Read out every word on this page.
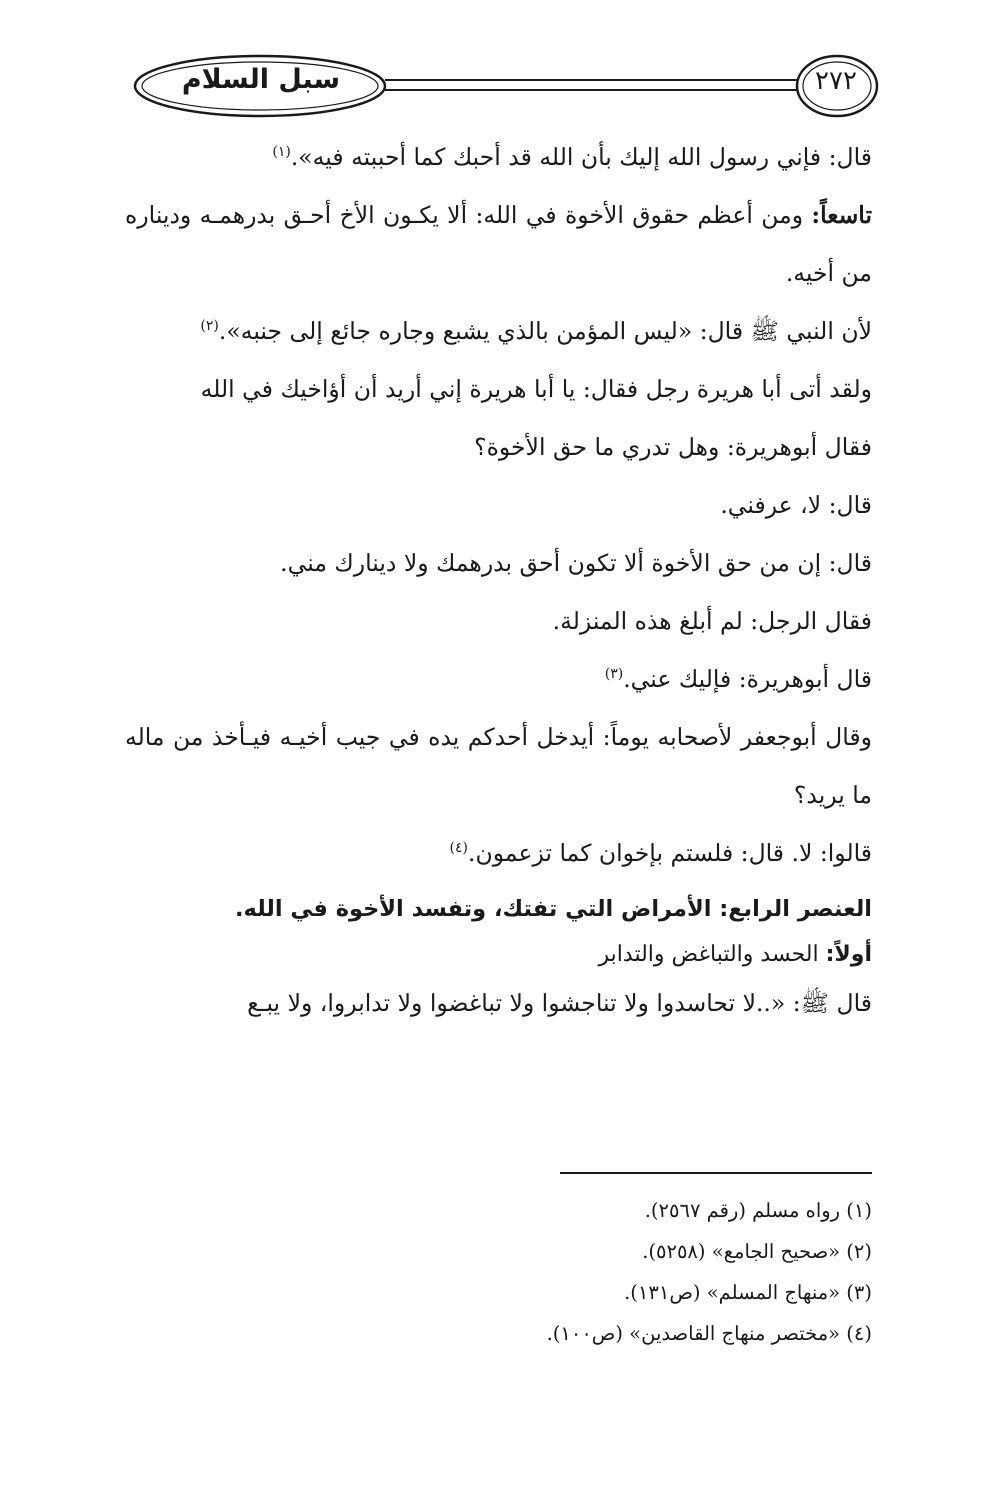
سبل السلام	٢٧٢

قال: فإني رسول الله إليك بأن الله قد أحبك كما أحببته فيه».$^{(١)}$

تاسعاً: ومن أعظم حقوق الأخوة في الله: ألا يكـون الأخ أحـق بدرهمـه وديناره من أخيه.

لأن النبي ﷺ قال: «ليس المؤمن بالذي يشبع وجاره جائع إلى جنبه».$^{(٢)}$

ولقد أتى أبا هريرة رجل فقال: يا أبا هريرة إني أريد أن أؤاخيك في الله

فقال أبوهريرة: وهل تدري ما حق الأخوة؟

قال: لا، عرفني.

قال: إن من حق الأخوة ألا تكون أحق بدرهمك ولا دينارك مني.

فقال الرجل: لم أبلغ هذه المنزلة.

قال أبوهريرة: فإليك عني.$^{(٣)}$

وقال أبوجعفر لأصحابه يوماً: أيدخل أحدكم يده في جيب أخيـه فيـأخذ من ماله ما يريد؟

قالوا: لا. قال: فلستم بإخوان كما تزعمون.$^{(٤)}$

العنصر الرابع: الأمراض التي تفتك، وتفسد الأخوة في الله.

أولاً: الحسد والتباغض والتدابر

قال ﷺ: «..لا تحاسدوا ولا تناجشوا ولا تباغضوا ولا تدابروا، ولا يبـع

(١) رواه مسلم (رقم ٢٥٦٧).

(٢) «صحيح الجامع» (٥٢٥٨).

(٣) «منهاج المسلم» (ص١٣١).

(٤) «مختصر منهاج القاصدين» (ص١٠٠).
